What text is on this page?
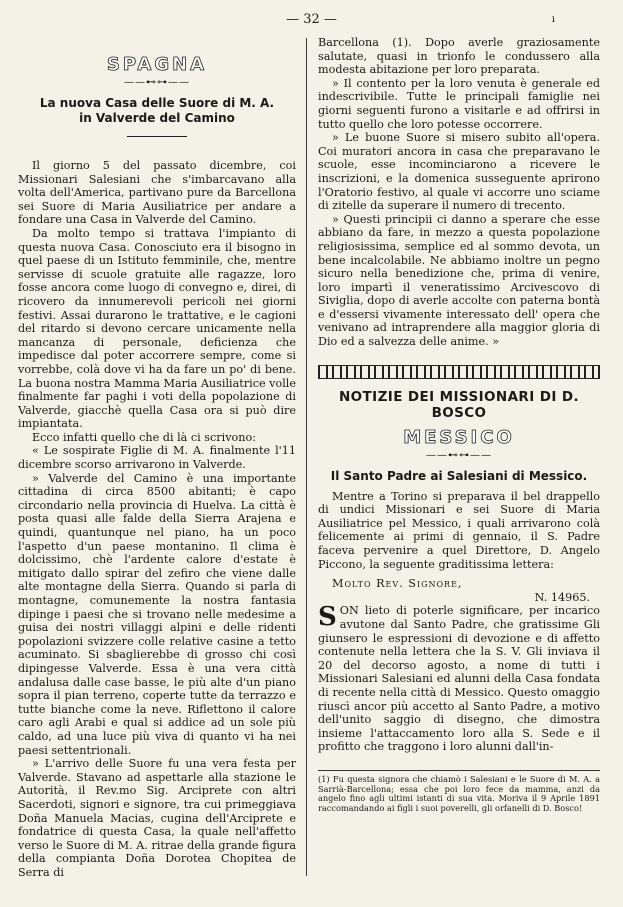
— 32 —	ı
SPAGNA
——⊷⊶——
La nuova Casa delle Suore di M. A.
in Valverde del Camino

Il giorno 5 del passato dicembre, coi Missionari Salesiani che s'imbarcavano alla volta dell'America, partivano pure da Barcellona sei Suore di Maria Ausiliatrice per andare a fondare una Casa in Valverde del Camino.

Da molto tempo si trattava l'impianto di questa nuova Casa. Conosciuto era il bisogno in quel paese di un Istituto femminile, che, mentre servisse di scuole gratuite alle ragazze, loro fosse ancora come luogo di convegno e, direi, di ricovero da innumerevoli pericoli nei giorni festivi. Assai durarono le trattative, e le cagioni del ritardo si devono cercare unicamente nella mancanza di personale, deficienza che impedisce dal poter accorrere sempre, come si vorrebbe, colà dove vi ha da fare un po' di bene. La buona nostra Mamma Maria Ausiliatrice volle finalmente far paghi i voti della popolazione di Valverde, giacchè quella Casa ora si può dire impiantata.

Ecco infatti quello che di là ci scrivono:

« Le sospirate Figlie di M. A. finalmente l'11 dicembre scorso arrivarono in Valverde.

» Valverde del Camino è una importante cittadina di circa 8500 abitanti; è capo circondario nella provincia di Huelva. La città è posta quasi alle falde della Sierra Arajena e quindi, quantunque nel piano, ha un poco l'aspetto d'un paese montanino. Il clima è dolcissimo, chè l'ardente calore d'estate è mitigato dallo spirar del zefiro che viene dalle alte montagne della Sierra. Quando si parla di montagne, comunemente la nostra fantasia dipinge i paesi che si trovano nelle medesime a guisa dei nostri villaggi alpini e delle ridenti popolazioni svizzere colle relative casine a tetto acuminato. Si sbaglierebbe di grosso chi così dipingesse Valverde. Essa è una vera città andalusa dalle case basse, le più alte d'un piano sopra il pian terreno, coperte tutte da terrazzo e tutte bianche come la neve. Riflettono il calore caro agli Arabi e qual si addice ad un sole più caldo, ad una luce più viva di quanto vi ha nei paesi settentrionali.

» L'arrivo delle Suore fu una vera festa per Valverde. Stavano ad aspettarle alla stazione le Autorità, il Rev.mo Sig. Arciprete con altri Sacerdoti, signori e signore, tra cui primeggiava Doña Manuela Macias, cugina dell'Arciprete e fondatrice di questa Casa, la quale nell'affetto verso le Suore di M. A. ritrae della grande figura della compianta Doña Dorotea Chopitea de Serra di

Barcellona (1). Dopo averle graziosamente salutate, quasi in trionfo le condussero alla modesta abitazione per loro preparata.

» Il contento per la loro venuta è generale ed indescrivibile. Tutte le principali famiglie nei giorni seguenti furono a visitarle e ad offrirsi in tutto quello che loro potesse occorrere.

» Le buone Suore si misero subito all'opera. Coi muratori ancora in casa che preparavano le scuole, esse incominciarono a ricevere le inscrizioni, e la domenica susseguente aprirono l'Oratorio festivo, al quale vi accorre uno sciame di zitelle da superare il numero di trecento.

» Questi principii ci danno a sperare che esse abbiano da fare, in mezzo a questa popolazione religiosissima, semplice ed al sommo devota, un bene incalcolabile. Ne abbiamo inoltre un pegno sicuro nella benedizione che, prima di venire, loro impartì il veneratissimo Arcivescovo di Siviglia, dopo di averle accolte con paterna bontà e d'essersi vivamente interessato dell' opera che venivano ad intraprendere alla maggior gloria di Dio ed a salvezza delle anime. »

NOTIZIE DEI MISSIONARI DI D. BOSCO
MESSICO
——⊷⊶——
Il Santo Padre ai Salesiani di Messico.

Mentre a Torino si preparava il bel drappello di undici Missionari e sei Suore di Maria Ausiliatrice pel Messico, i quali arrivarono colà felicemente ai primi di gennaio, il S. Padre faceva pervenire a quel Direttore, D. Angelo Piccono, la seguente graditissima lettera:

Molto Rev. Signore,

N. 14965.

SON lieto di poterle significare, per incarico avutone dal Santo Padre, che gratissime Gli giunsero le espressioni di devozione e di affetto contenute nella lettera che la S. V. Gli inviava il 20 del decorso agosto, a nome di tutti i Missionari Salesiani ed alunni della Casa fondata di recente nella città di Messico. Questo omaggio riuscì ancor più accetto al Santo Padre, a motivo dell'unito saggio di disegno, che dimostra insieme l'attaccamento loro alla S. Sede e il profitto che traggono i loro alunni dall'in-

(1) Fu questa signora che chiamò i Salesiani e le Suore di M. A. a Sarrià-Barcellona; essa che poi loro fece da mamma, anzi da angelo fino agli ultimi istanti di sua vita. Moriva il 9 Aprile 1891 raccomandando ai figli i suoi poverelli, gli orfanelli di D. Bosco!
